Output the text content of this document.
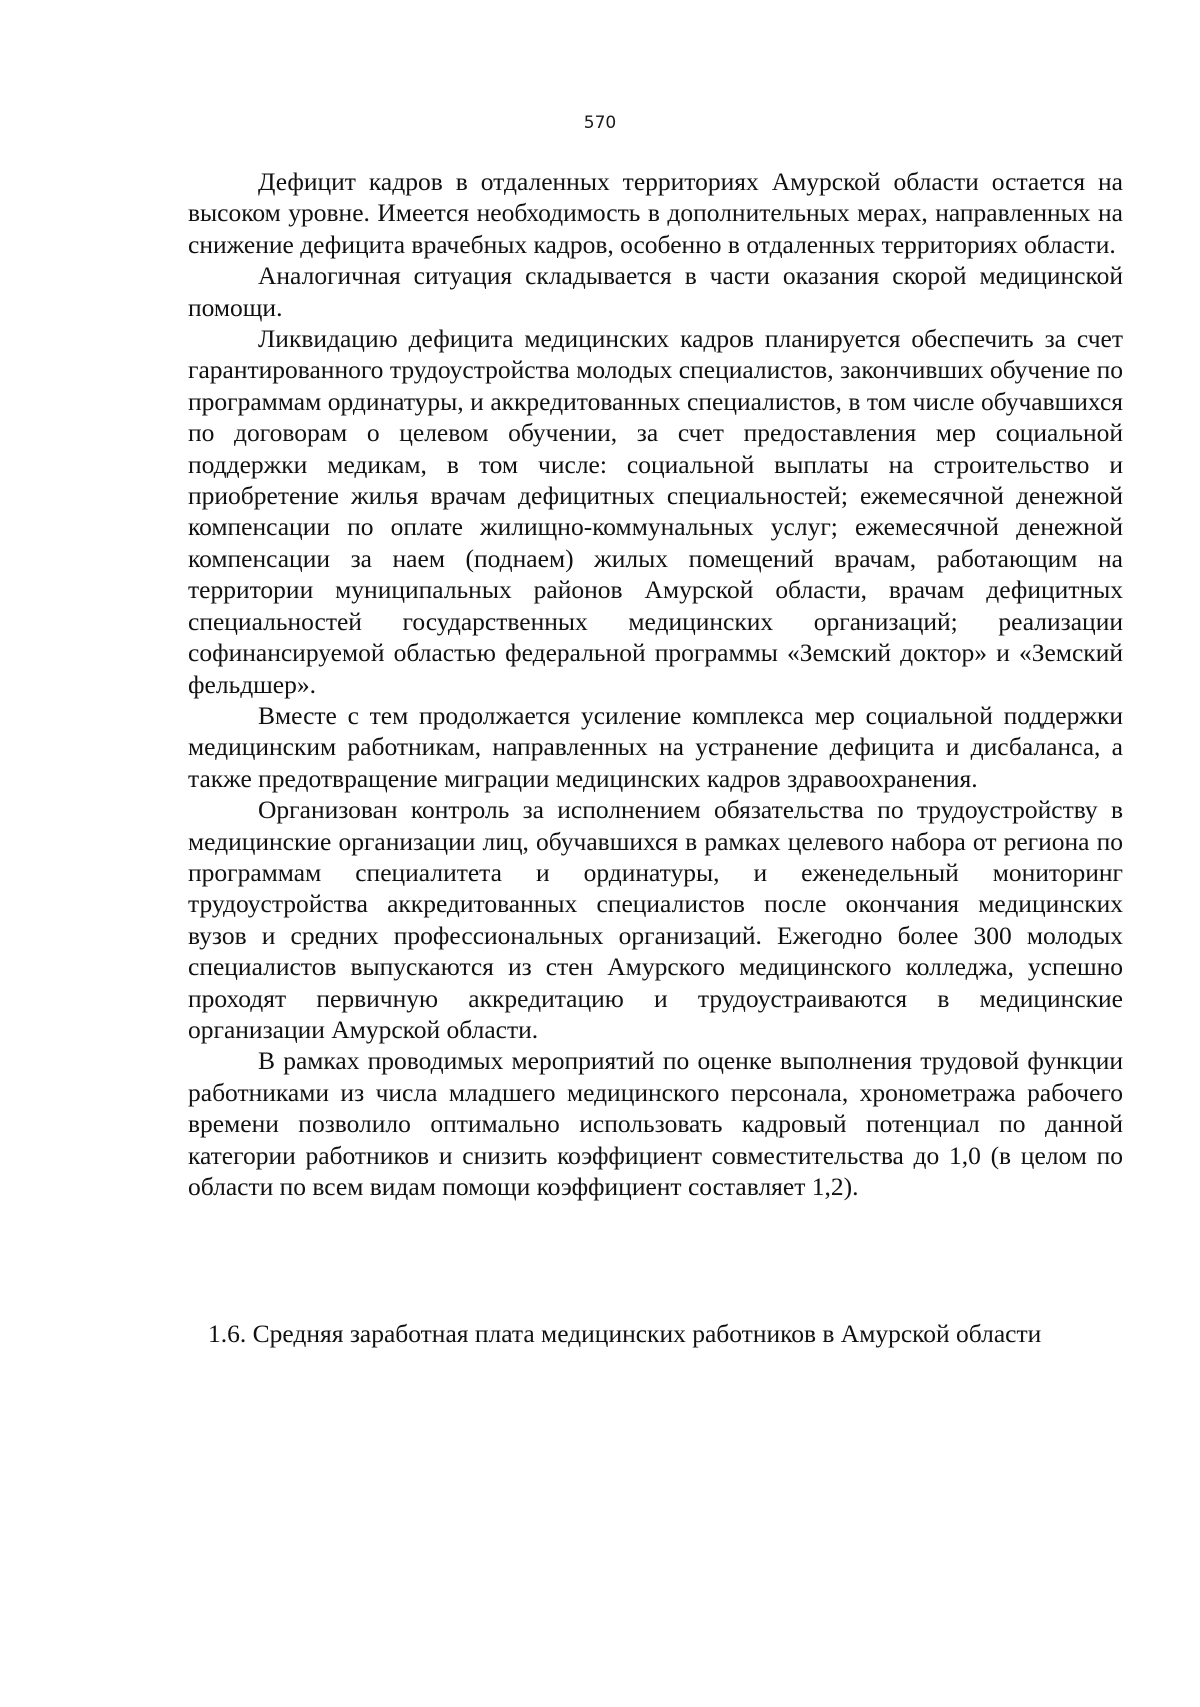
570

Дефицит кадров в отдаленных территориях Амурской области остается на высоком уровне. Имеется необходимость в дополнительных мерах, направленных на снижение дефицита врачебных кадров, особенно в отдаленных территориях области.

Аналогичная ситуация складывается в части оказания скорой медицинской помощи.

Ликвидацию дефицита медицинских кадров планируется обеспечить за счет гарантированного трудоустройства молодых специалистов, закончивших обучение по программам ординатуры, и аккредитованных специалистов, в том числе обучавшихся по договорам о целевом обучении, за счет предоставления мер социальной поддержки медикам, в том числе: социальной выплаты на строительство и приобретение жилья врачам дефицитных специальностей; ежемесячной денежной компенсации по оплате жилищно-коммунальных услуг; ежемесячной денежной компенсации за наем (поднаем) жилых помещений врачам, работающим на территории муниципальных районов Амурской области, врачам дефицитных специальностей государственных медицинских организаций; реализации софинансируемой областью федеральной программы «Земский доктор» и «Земский фельдшер».

Вместе с тем продолжается усиление комплекса мер социальной поддержки медицинским работникам, направленных на устранение дефицита и дисбаланса, а также предотвращение миграции медицинских кадров здравоохранения.

Организован контроль за исполнением обязательства по трудоустройству в медицинские организации лиц, обучавшихся в рамках целевого набора от региона по программам специалитета и ординатуры, и еженедельный мониторинг трудоустройства аккредитованных специалистов после окончания медицинских вузов и средних профессиональных организаций. Ежегодно более 300 молодых специалистов выпускаются из стен Амурского медицинского колледжа, успешно проходят первичную аккредитацию и трудоустраиваются в медицинские организации Амурской области.

В рамках проводимых мероприятий по оценке выполнения трудовой функции работниками из числа младшего медицинского персонала, хронометража рабочего времени позволило оптимально использовать кадровый потенциал по данной категории работников и снизить коэффициент совместительства до 1,0 (в целом по области по всем видам помощи коэффициент составляет 1,2).

1.6. Средняя заработная плата медицинских работников в Амурской области
